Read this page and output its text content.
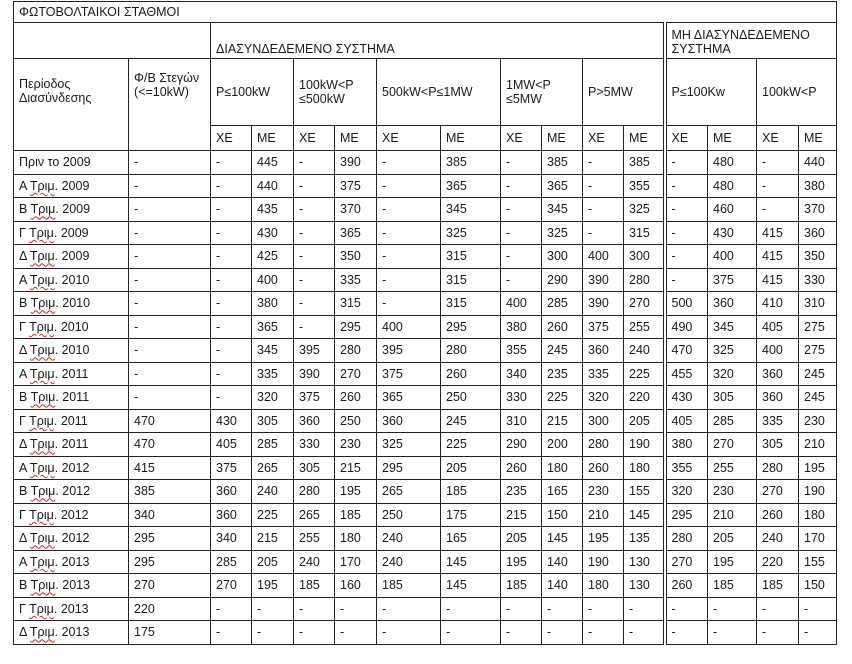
ΦΩΤΟΒΟΛΤΑΙΚΟΙ ΣΤΑΘΜΟΙ															
		ΔΙΑΣΥΝΔΕΔΕΜΕΝΟ ΣΥΣΤΗΜΑ										ΜΗ ΔΙΑΣΥΝΔΕΔΕΜΕΝΟ ΣΥΣΤΗΜΑ			
Περίοδος Διασύνδεσης	Φ/Β Στεγών (<=10kW)	P≤100kW		100kW<P ≤500kW		500kW<P≤1MW		1MW<P ≤5MW		P>5MW		P≤100Kw		100kW<P	
		ΧΕ	ΜΕ	ΧΕ	ΜΕ	ΧΕ	ΜΕ	ΧΕ	ΜΕ	ΧΕ	ΜΕ	ΧΕ	ΜΕ	ΧΕ	ΜΕ
Πριν το 2009	-	-	445	-	390	-	385	-	385	-	385	-	480	-	440
Α Τριμ. 2009	-	-	440	-	375	-	365	-	365	-	355	-	480	-	380
Β Τριμ. 2009	-	-	435	-	370	-	345	-	345	-	325	-	460	-	370
Γ Τριμ. 2009	-	-	430	-	365	-	325	-	325	-	315	-	430	415	360
Δ Τριμ. 2009	-	-	425	-	350	-	315	-	300	400	300	-	400	415	350
Α Τριμ. 2010	-	-	400	-	335	-	315	-	290	390	280	-	375	415	330
Β Τριμ. 2010	-	-	380	-	315	-	315	400	285	390	270	500	360	410	310
Γ Τριμ. 2010	-	-	365	-	295	400	295	380	260	375	255	490	345	405	275
Δ Τριμ. 2010	-	-	345	395	280	395	280	355	245	360	240	470	325	400	275
Α Τριμ. 2011	-	-	335	390	270	375	260	340	235	335	225	455	320	360	245
Β Τριμ. 2011	-	-	320	375	260	365	250	330	225	320	220	430	305	360	245
Γ Τριμ. 2011	470	430	305	360	250	360	245	310	215	300	205	405	285	335	230
Δ Τριμ. 2011	470	405	285	330	230	325	225	290	200	280	190	380	270	305	210
Α Τριμ. 2012	415	375	265	305	215	295	205	260	180	260	180	355	255	280	195
Β Τριμ. 2012	385	360	240	280	195	265	185	235	165	230	155	320	230	270	190
Γ Τριμ. 2012	340	360	225	265	185	250	175	215	150	210	145	295	210	260	180
Δ Τριμ. 2012	295	340	215	255	180	240	165	205	145	195	135	280	205	240	170
Α Τριμ. 2013	295	285	205	240	170	240	145	195	140	190	130	270	195	220	155
Β Τριμ. 2013	270	270	195	185	160	185	145	185	140	180	130	260	185	185	150
Γ Τριμ. 2013	220	-	-	-	-	-	-	-	-	-	-	-	-	-	-
Δ Τριμ. 2013	175	-	-	-	-	-	-	-	-	-	-	-	-	-	-
